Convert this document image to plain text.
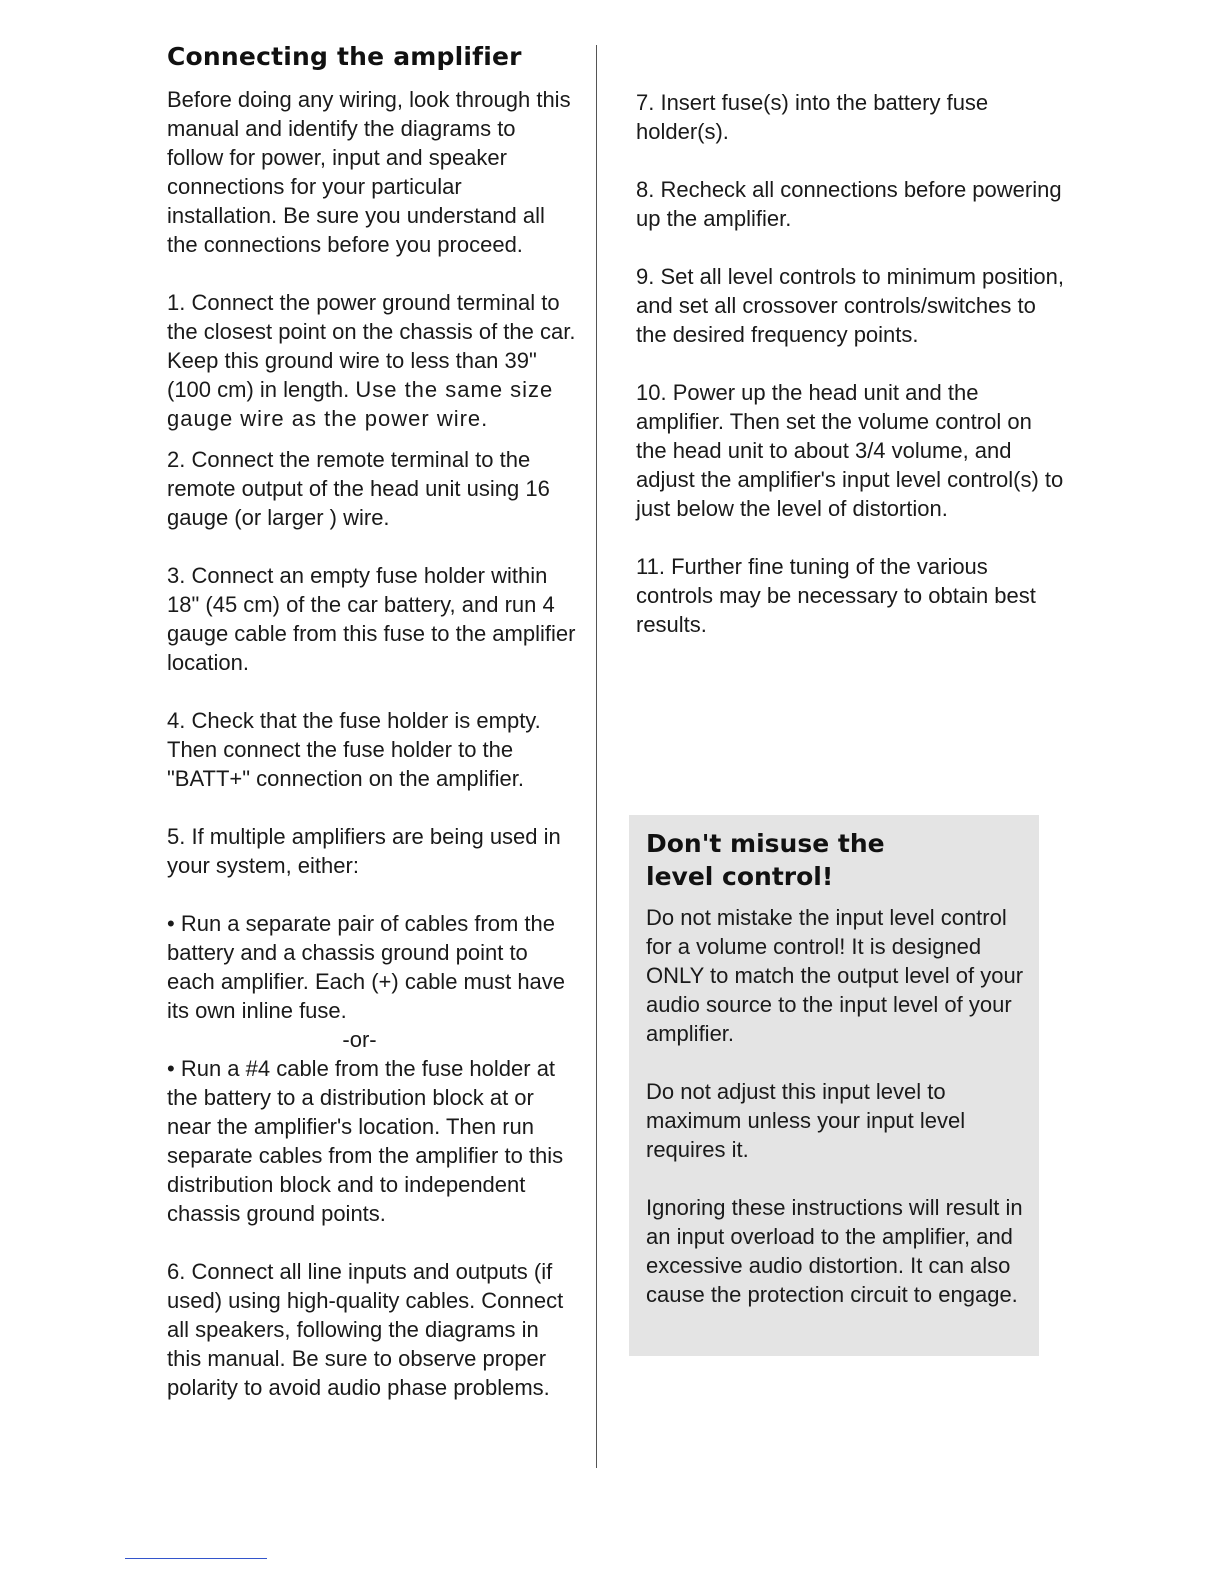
Connecting the amplifier

Before doing any wiring, look through this manual and identify the diagrams to follow for power, input and speaker connections for your particular installation. Be sure you understand all the connections before you proceed.

1. Connect the power ground terminal to the closest point on the chassis of the car. Keep this ground wire to less than 39" (100 cm) in length. Use the same size gauge wire as the power wire.

2. Connect the remote terminal to the remote output of the head unit using 16 gauge (or larger ) wire.

3. Connect an empty fuse holder within 18" (45 cm) of the car battery, and run 4 gauge cable from this fuse to the amplifier location.

4. Check that the fuse holder is empty. Then connect the fuse holder to the "BATT+" connection on the amplifier.

5. If multiple amplifiers are being used in your system, either:

• Run a separate pair of cables from the battery and a chassis ground point to each amplifier. Each (+) cable must have its own inline fuse.

-or-

• Run a #4 cable from the fuse holder at the battery to a distribution block at or near the amplifier's location. Then run separate cables from the amplifier to this distribution block and to independent chassis ground points.

6. Connect all line inputs and outputs (if used) using high-quality cables. Connect all speakers, following the diagrams in this manual. Be sure to observe proper polarity to avoid audio phase problems.

7. Insert fuse(s) into the battery fuse holder(s).

8. Recheck all connections before powering up the amplifier.

9. Set all level controls to minimum position, and set all crossover controls/switches to the desired frequency points.

10. Power up the head unit and the amplifier. Then set the volume control on the head unit to about 3/4 volume, and adjust the amplifier's input level control(s) to just below the level of distortion.

11. Further fine tuning of the various controls may be necessary to obtain best results.

Don't misuse the
level control!

Do not mistake the input level control for a volume control! It is designed ONLY to match the output level of your audio source to the input level of your amplifier.

Do not adjust this input level to maximum unless your input level requires it.

Ignoring these instructions will result in an input overload to the amplifier, and excessive audio distortion. It can also cause the protection circuit to engage.
